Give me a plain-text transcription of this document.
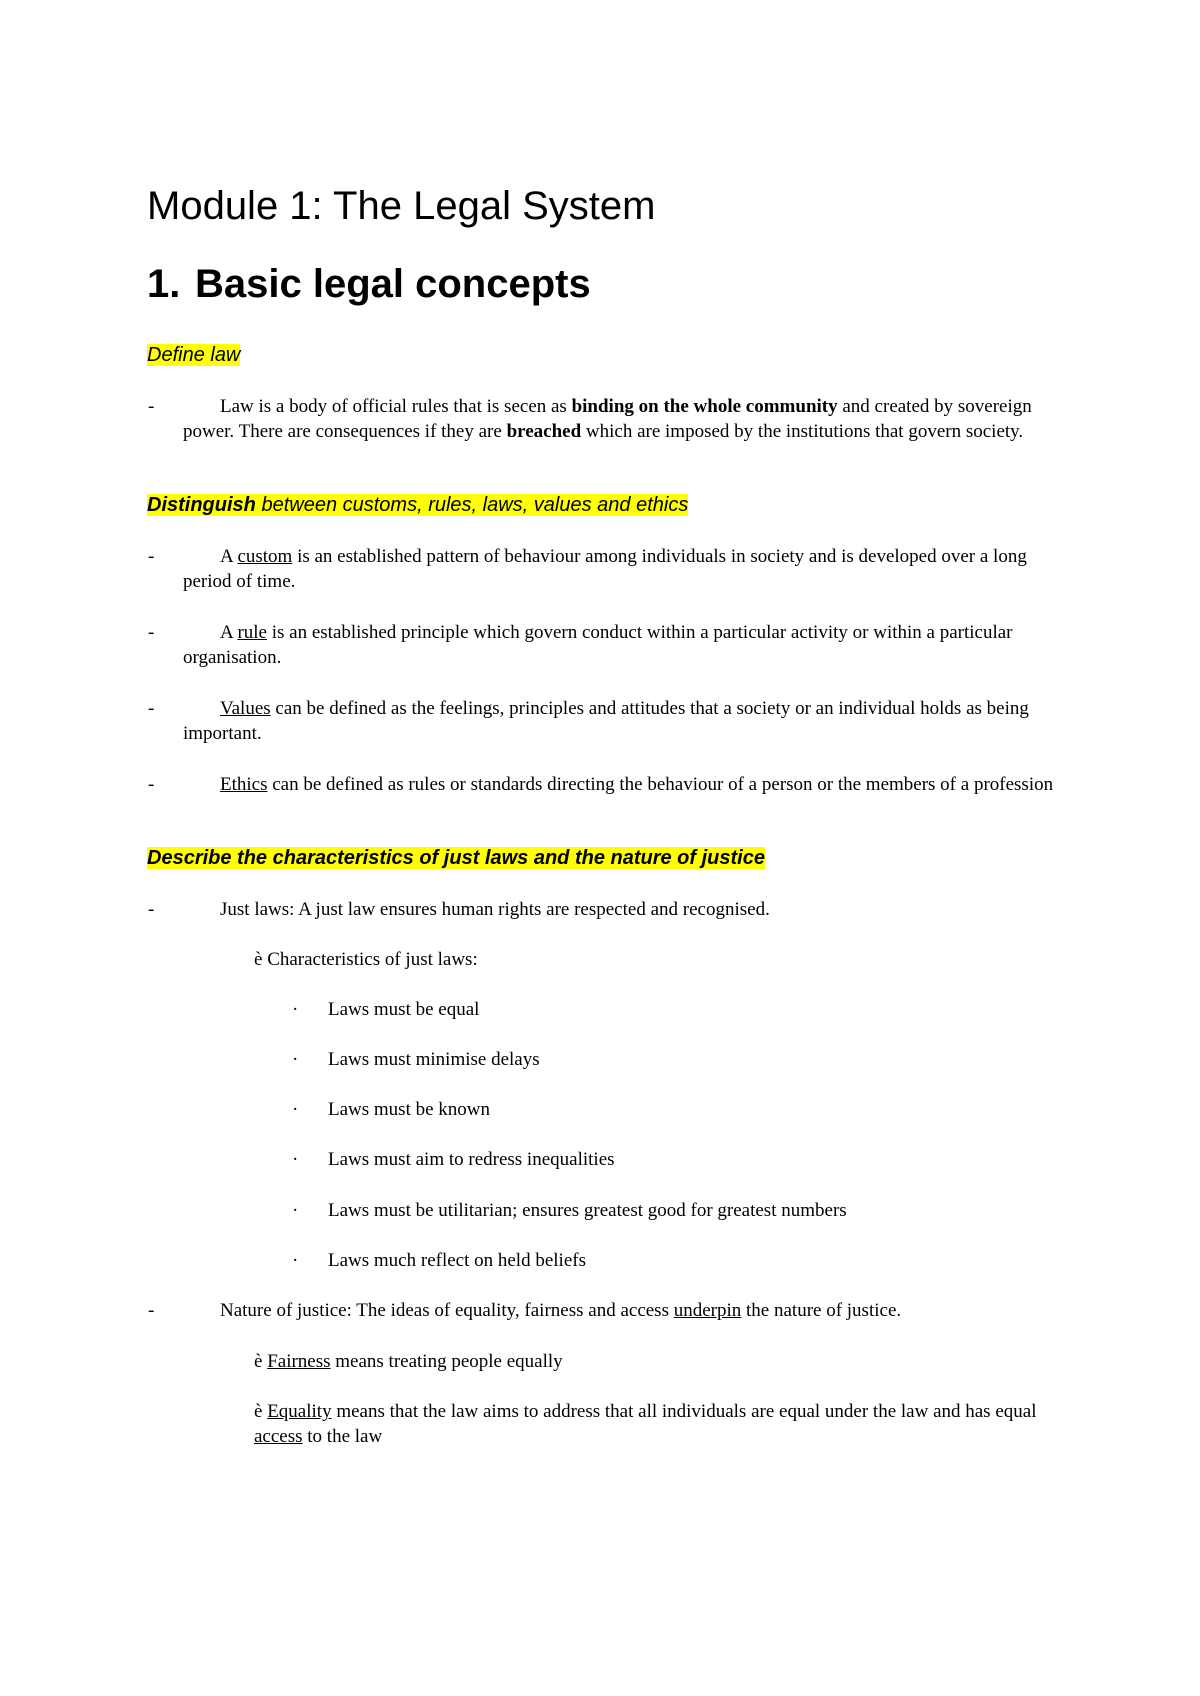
Module 1: The Legal System
1. Basic legal concepts

Define law

-	Law is a body of official rules that is secen as binding on the whole community and created by sovereign power. There are consequences if they are breached which are imposed by the institutions that govern society.

Distinguish between customs, rules, laws, values and ethics

-	A custom is an established pattern of behaviour among individuals in society and is developed over a long period of time.

-	A rule is an established principle which govern conduct within a particular activity or within a particular organisation.

-	Values can be defined as the feelings, principles and attitudes that a society or an individual holds as being important.

-	Ethics can be defined as rules or standards directing the behaviour of a person or the members of a profession

Describe the characteristics of just laws and the nature of justice

-	Just laws: A just law ensures human rights are respected and recognised.

è Characteristics of just laws:

· Laws must be equal

· Laws must minimise delays

· Laws must be known

· Laws must aim to redress inequalities

· Laws must be utilitarian; ensures greatest good for greatest numbers

· Laws much reflect on held beliefs

-	Nature of justice: The ideas of equality, fairness and access underpin the nature of justice.

è Fairness means treating people equally

è Equality means that the law aims to address that all individuals are equal under the law and has equal access to the law
